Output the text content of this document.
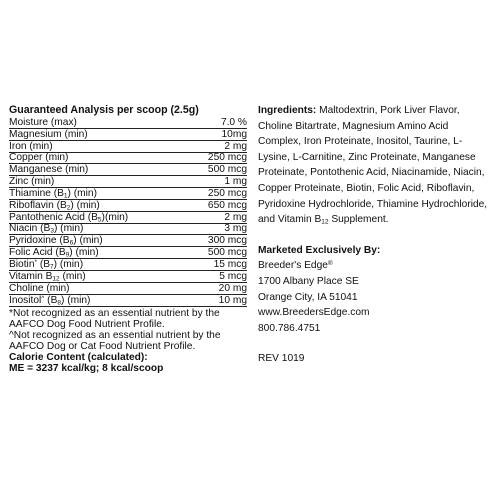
Guaranteed Analysis per scoop (2.5g)
Moisture (max)	7.0 %
Magnesium (min)	10mg
Iron (min)	2 mg
Copper (min)	250 mcg
Manganese (min)	500 mcg
Zinc (min)	1 mg
Thiamine $(B_1)$ (min)	250 mcg
Riboflavin $(B_2)$ (min)	650 mcg
Pantothenic Acid $(B_5)(\min)$	2 mg
Niacin $(B_3)$ (min)	3 mg
Pyridoxine $(B_6)$ (min)	300 mcg
Folic Acid $(B_9)$ (min)	500 mcg
Biotin* $(B_7)$ (min)	15 mcg
Vitamin $B_{12}$ (min)	5 mcg
Choline (min)	20 mg
Inositol^ $(B_8)$ (min)	10 mg
*Not recognized as an essential nutrient by the AAFCO Dog Food Nutrient Profile.
^Not recognized as an essential nutrient by the AAFCO Dog or Cat Food Nutrient Profile.
Calorie Content (calculated):
ME = 3237 kcal/kg; 8 kcal/scoop
Ingredients: Maltodextrin, Pork Liver Flavor, Choline Bitartrate, Magnesium Amino Acid Complex, Iron Proteinate, Inositol, Taurine, L-Lysine, L-Carnitine, Zinc Proteinate, Manganese Proteinate, Pontothenic Acid, Niacinamide, Niacin, Copper Proteinate, Biotin, Folic Acid, Riboflavin, Pyridoxine Hydrochloride, Thiamine Hydrochloride, and Vitamin $B_{12}$ Supplement.
Marketed Exclusively By:
Breeder's Edge®
1700 Albany Place SE
Orange City, IA 51041
www.BreedersEdge.com
800.786.4751
REV 1019
